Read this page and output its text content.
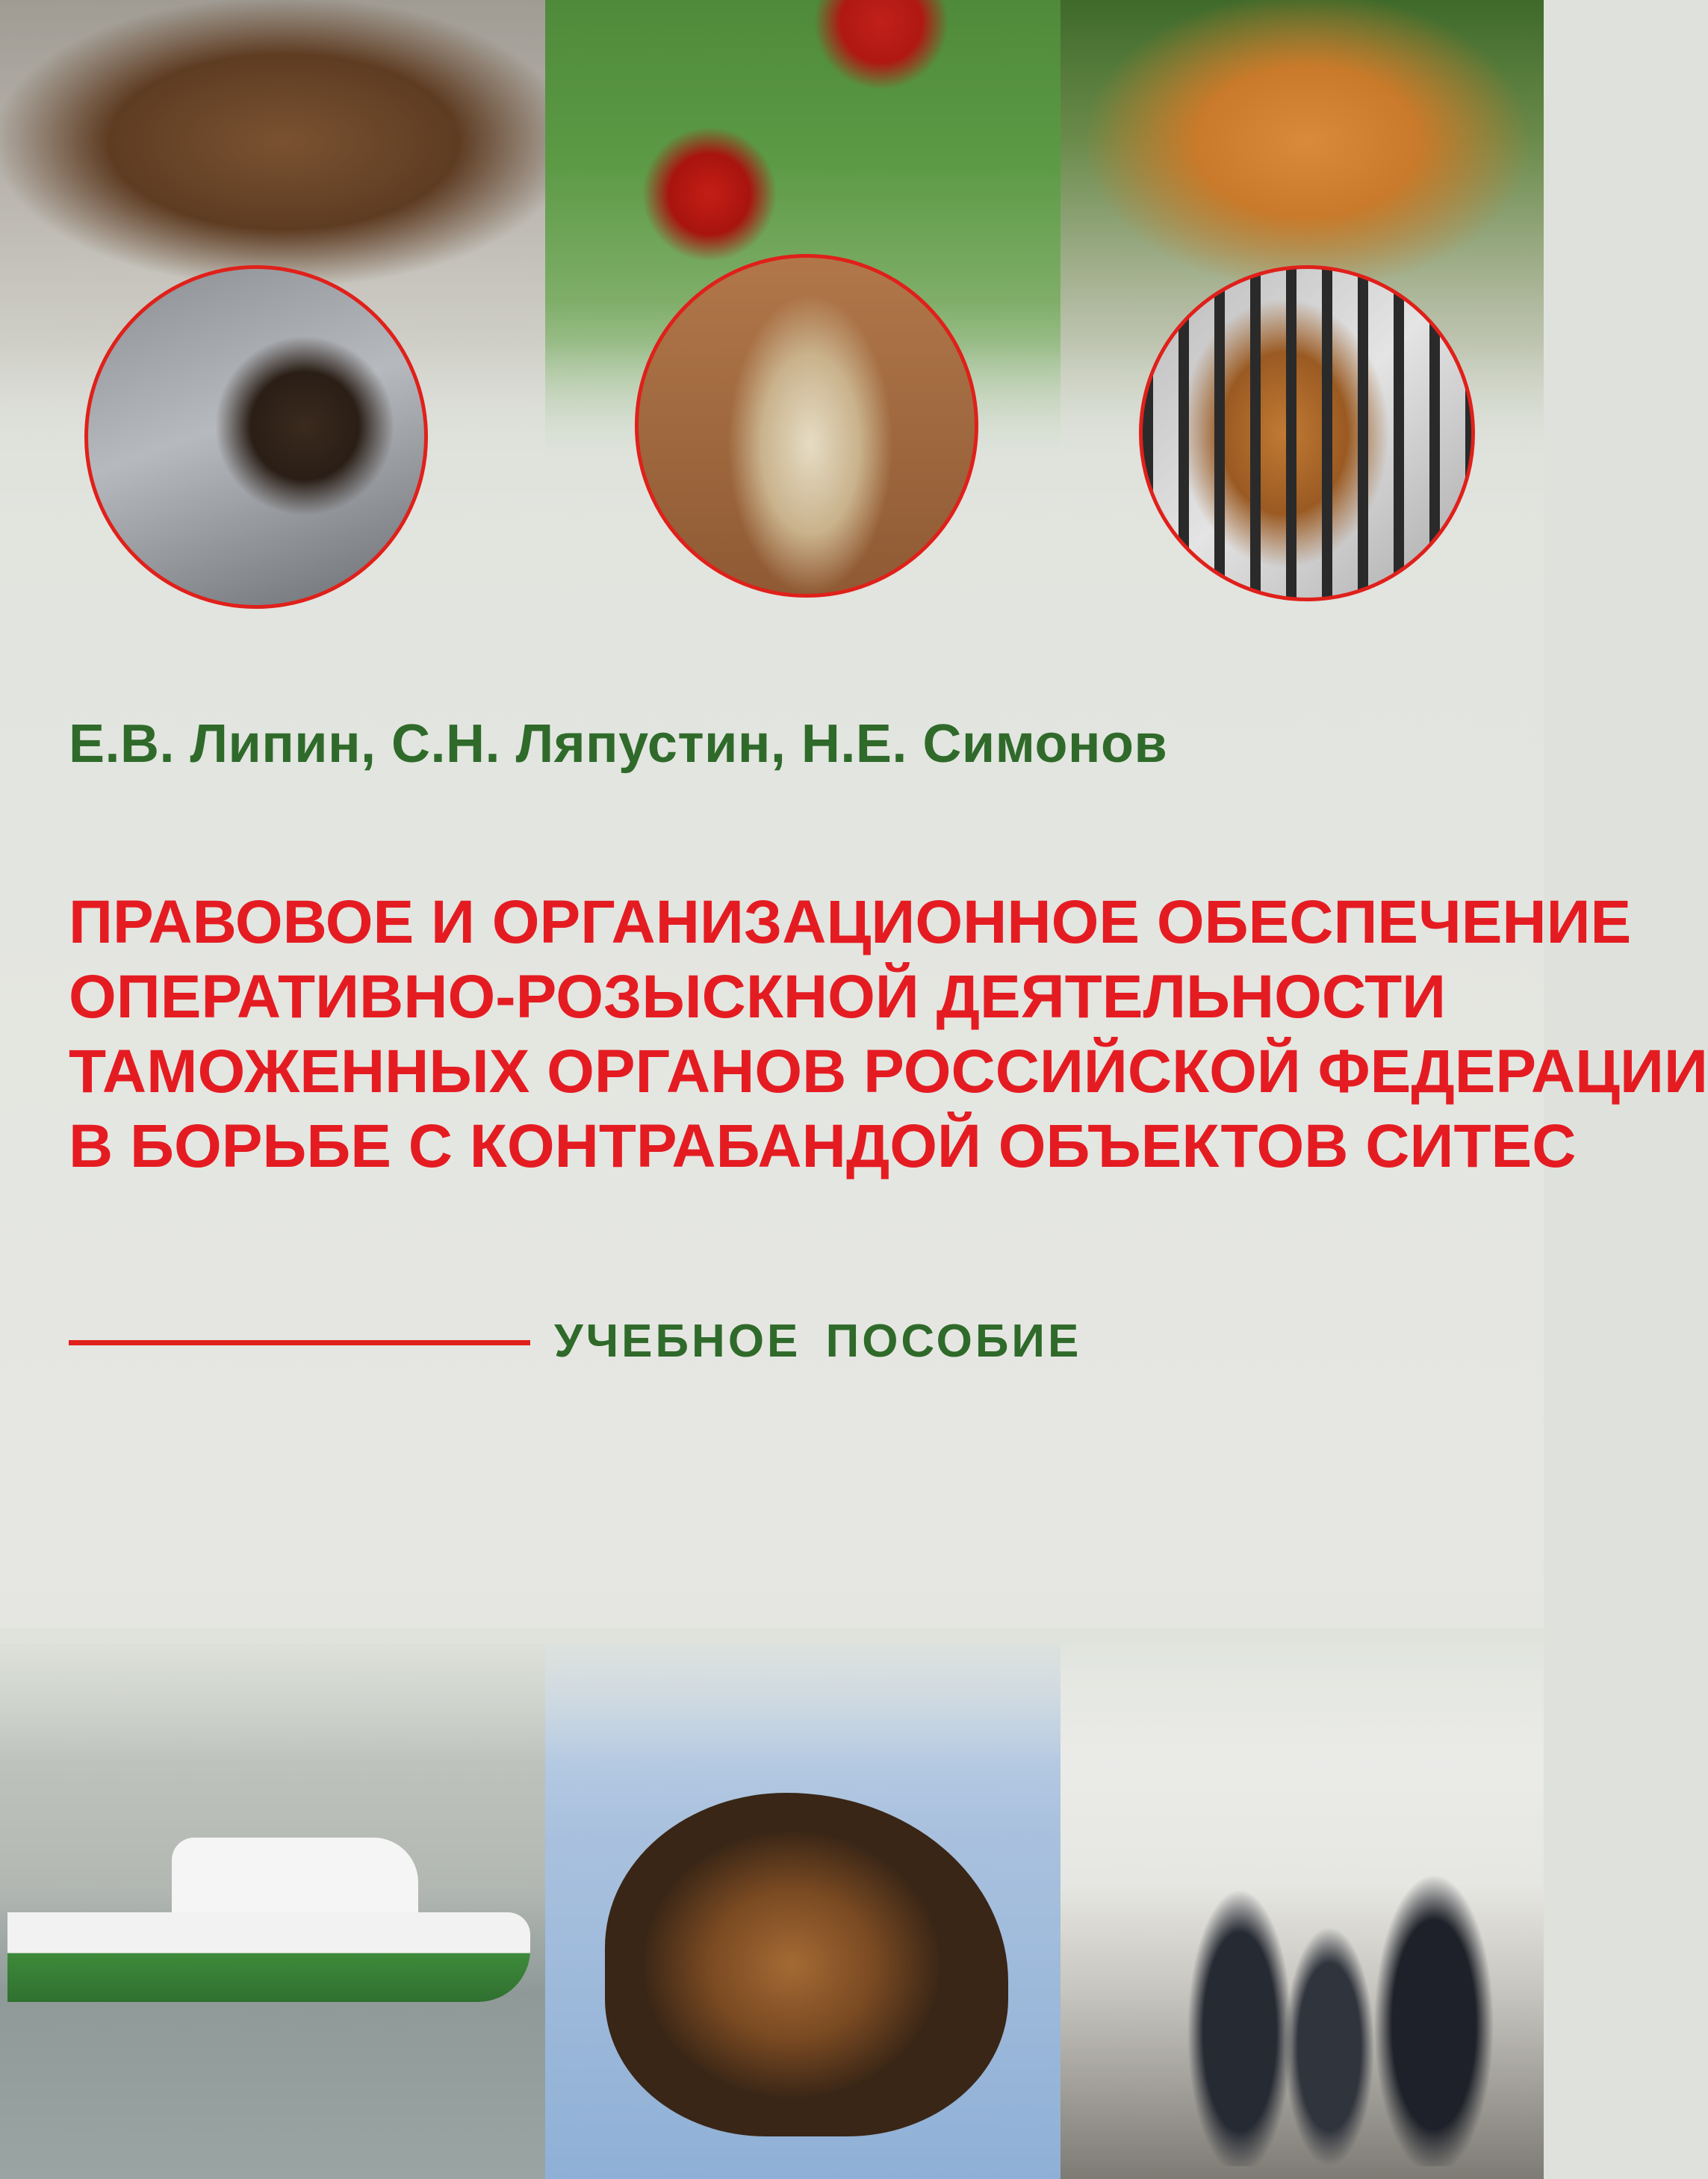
Е.В. Липин, С.Н. Ляпустин, Н.Е. Симонов
ПРАВОВОЕ И ОРГАНИЗАЦИОННОЕ ОБЕСПЕЧЕНИЕ
ОПЕРАТИВНО-РОЗЫСКНОЙ ДЕЯТЕЛЬНОСТИ
ТАМОЖЕННЫХ ОРГАНОВ РОССИЙСКОЙ ФЕДЕРАЦИИ
В БОРЬБЕ С КОНТРАБАНДОЙ ОБЪЕКТОВ СИТЕС
УЧЕБНОЕ ПОСОБИЕ
